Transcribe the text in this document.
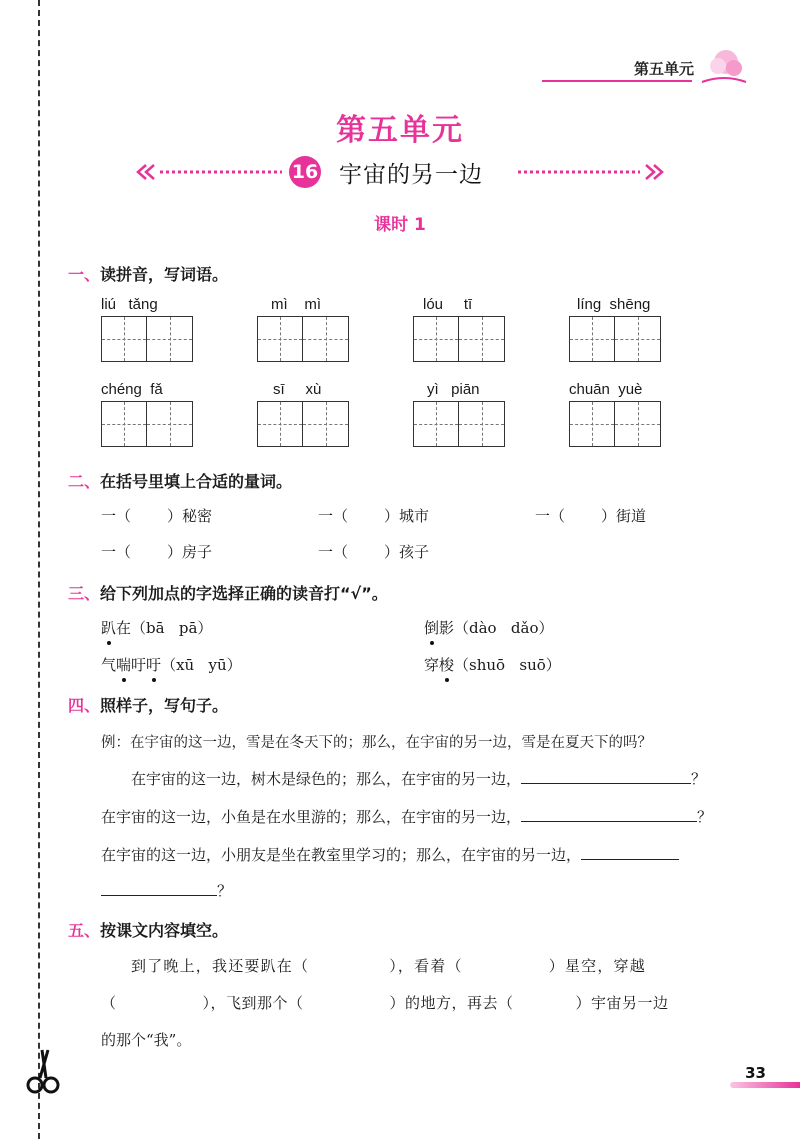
第五单元
第五单元
16 宇宙的另一边
课时 1
一、读拼音，写词语。
liú   tǎng	mì    mì	lóu     tī	líng  shēng
chéng  fǎ	sī     xù	yì   piān	chuān  yuè
二、在括号里填上合适的量词。
一（ ）秘密	一（ ）城市	一（ ）街道
一（ ）房子	一（ ）孩子
三、给下列加点的字选择正确的读音打“√”。
趴在（bā   pā）	倒影（dào   dǎo）
气喘吁吁（xū   yū）	穿梭（shuō   suō）
四、照样子，写句子。
例：在宇宙的这一边，雪是在冬天下的；那么，在宇宙的另一边，雪是在夏天下的吗？
在宇宙的这一边，树木是绿色的；那么，在宇宙的另一边，	？
在宇宙的这一边，小鱼是在水里游的；那么，在宇宙的另一边，	？
在宇宙的这一边，小朋友是坐在教室里学习的；那么，在宇宙的另一边，
？
五、按课文内容填空。
到了晚上，我还要趴在（	），看着（	）星空，穿越
（	），飞到那个（	）的地方，再去（	）宇宙另一边
的那个“我”。
33
